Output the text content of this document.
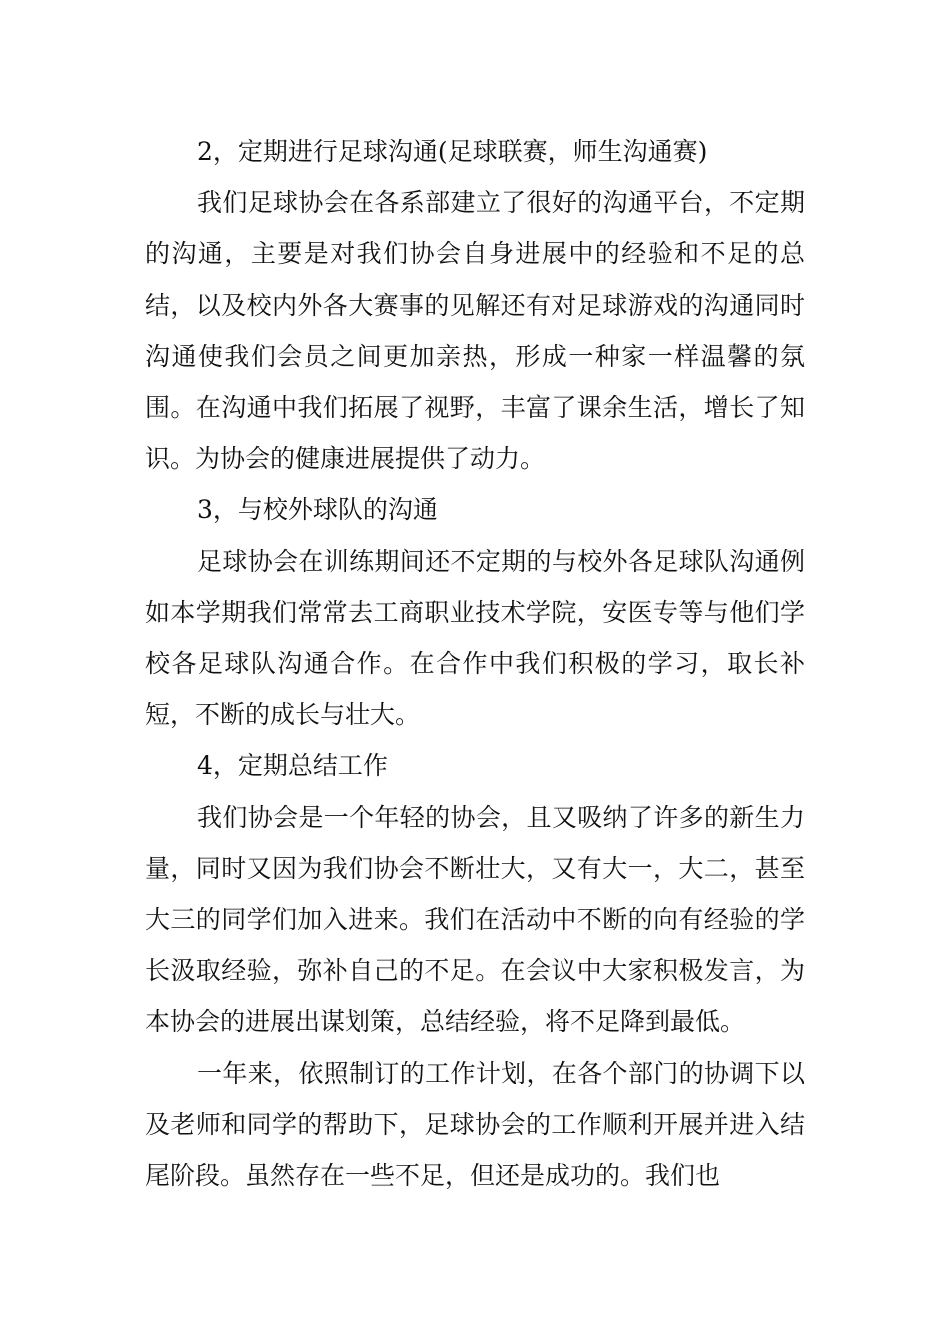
2，定期进行足球沟通(足球联赛，师生沟通赛)

我们足球协会在各系部建立了很好的沟通平台，不定期的沟通，主要是对我们协会自身进展中的经验和不足的总结，以及校内外各大赛事的见解还有对足球游戏的沟通同时沟通使我们会员之间更加亲热，形成一种家一样温馨的氛围。在沟通中我们拓展了视野，丰富了课余生活，增长了知识。为协会的健康进展提供了动力。

3，与校外球队的沟通

足球协会在训练期间还不定期的与校外各足球队沟通例如本学期我们常常去工商职业技术学院，安医专等与他们学校各足球队沟通合作。在合作中我们积极的学习，取长补短，不断的成长与壮大。

4，定期总结工作

我们协会是一个年轻的协会，且又吸纳了许多的新生力量，同时又因为我们协会不断壮大，又有大一，大二，甚至大三的同学们加入进来。我们在活动中不断的向有经验的学长汲取经验，弥补自己的不足。在会议中大家积极发言，为本协会的进展出谋划策，总结经验，将不足降到最低。

一年来，依照制订的工作计划，在各个部门的协调下以及老师和同学的帮助下，足球协会的工作顺利开展并进入结尾阶段。虽然存在一些不足，但还是成功的。我们也
